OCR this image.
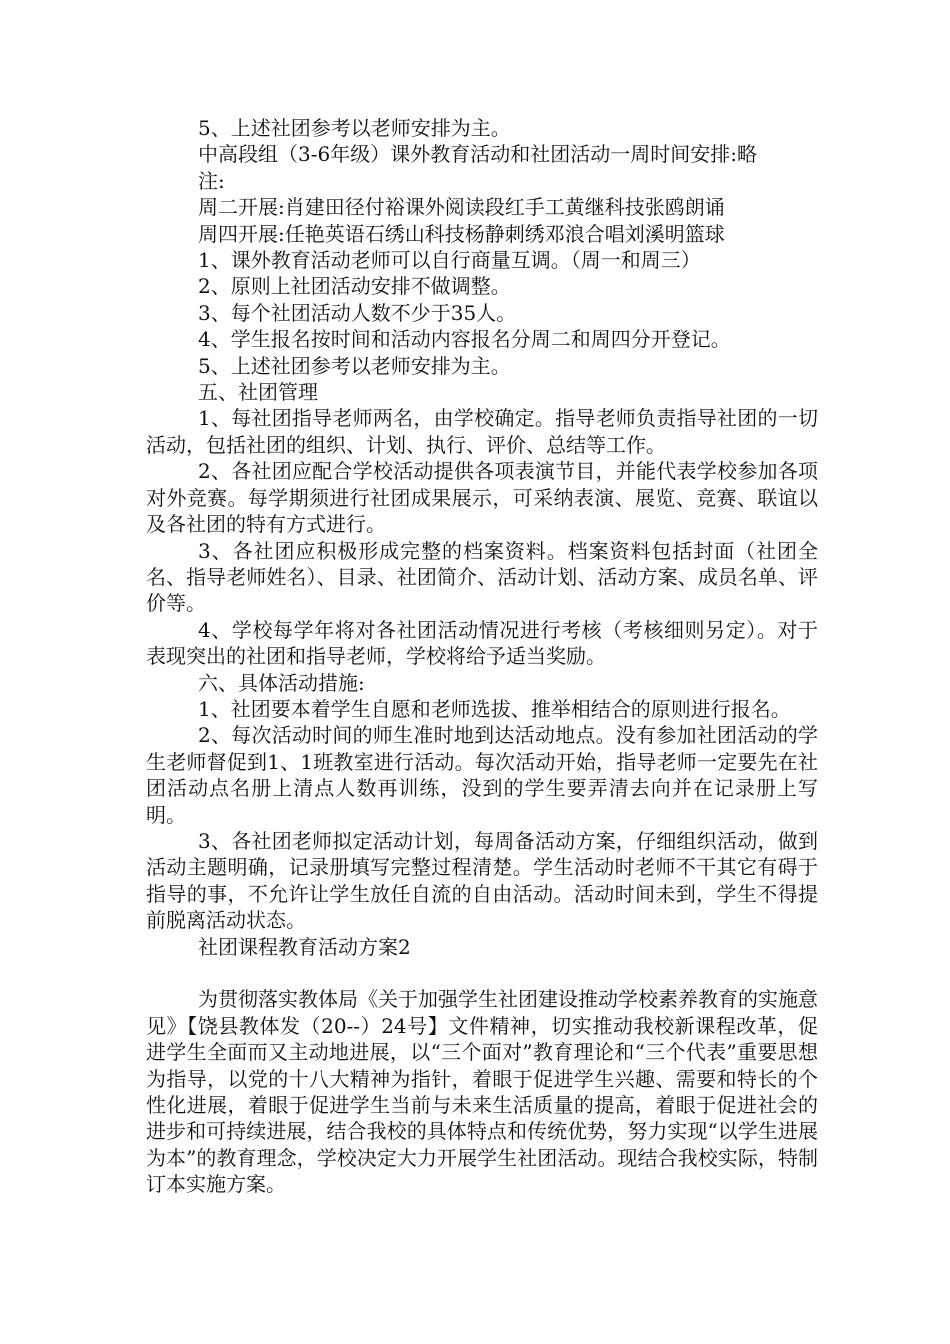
5、上述社团参考以老师安排为主。

中高段组（3-6年级）课外教育活动和社团活动一周时间安排:略

注:

周二开展:肖建田径付裕课外阅读段红手工黄继科技张鸥朗诵

周四开展:任艳英语石绣山科技杨静刺绣邓浪合唱刘溪明篮球

1、课外教育活动老师可以自行商量互调。（周一和周三）

2、原则上社团活动安排不做调整。

3、每个社团活动人数不少于35人。

4、学生报名按时间和活动内容报名分周二和周四分开登记。

5、上述社团参考以老师安排为主。

五、社团管理

1、每社团指导老师两名，由学校确定。指导老师负责指导社团的一切活动，包括社团的组织、计划、执行、评价、总结等工作。

2、各社团应配合学校活动提供各项表演节目，并能代表学校参加各项对外竞赛。每学期须进行社团成果展示，可采纳表演、展览、竞赛、联谊以及各社团的特有方式进行。

3、各社团应积极形成完整的档案资料。档案资料包括封面（社团全名、指导老师姓名）、目录、社团简介、活动计划、活动方案、成员名单、评价等。

4、学校每学年将对各社团活动情况进行考核（考核细则另定）。对于表现突出的社团和指导老师，学校将给予适当奖励。

六、具体活动措施:

1、社团要本着学生自愿和老师选拔、推举相结合的原则进行报名。

2、每次活动时间的师生准时地到达活动地点。没有参加社团活动的学生老师督促到1、1班教室进行活动。每次活动开始，指导老师一定要先在社团活动点名册上清点人数再训练，没到的学生要弄清去向并在记录册上写明。

3、各社团老师拟定活动计划，每周备活动方案，仔细组织活动，做到活动主题明确，记录册填写完整过程清楚。学生活动时老师不干其它有碍于指导的事，不允许让学生放任自流的自由活动。活动时间未到，学生不得提前脱离活动状态。

社团课程教育活动方案2

为贯彻落实教体局《关于加强学生社团建设推动学校素养教育的实施意见》【饶县教体发（20--）24号】文件精神，切实推动我校新课程改革，促进学生全面而又主动地进展，以“三个面对”教育理论和“三个代表”重要思想为指导，以党的十八大精神为指针，着眼于促进学生兴趣、需要和特长的个性化进展，着眼于促进学生当前与未来生活质量的提高，着眼于促进社会的进步和可持续进展，结合我校的具体特点和传统优势，努力实现“以学生进展为本”的教育理念，学校决定大力开展学生社团活动。现结合我校实际，特制订本实施方案。
